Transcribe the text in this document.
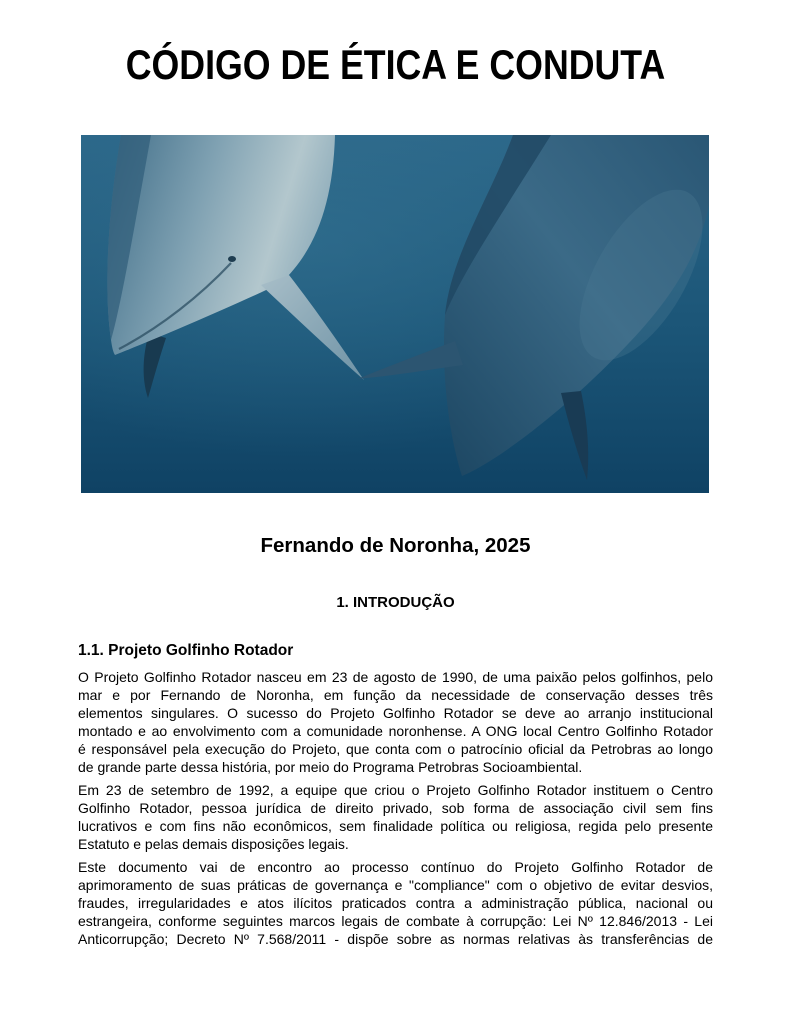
CÓDIGO DE ÉTICA E CONDUTA
Fernando de Noronha, 2025
1. INTRODUÇÃO
1.1. Projeto Golfinho Rotador
O Projeto Golfinho Rotador nasceu em 23 de agosto de 1990, de uma paixão pelos golfinhos, pelo
mar e por Fernando de Noronha, em função da necessidade de conservação desses três
elementos singulares. O sucesso do Projeto Golfinho Rotador se deve ao arranjo institucional
montado e ao envolvimento com a comunidade noronhense. A ONG local Centro Golfinho Rotador
é responsável pela execução do Projeto, que conta com o patrocínio oficial da Petrobras ao longo
de grande parte dessa história, por meio do Programa Petrobras Socioambiental.
Em 23 de setembro de 1992, a equipe que criou o Projeto Golfinho Rotador instituem o Centro
Golfinho Rotador, pessoa jurídica de direito privado, sob forma de associação civil sem fins
lucrativos e com fins não econômicos, sem finalidade política ou religiosa, regida pelo presente
Estatuto e pelas demais disposições legais.
Este documento vai de encontro ao processo contínuo do Projeto Golfinho Rotador de
aprimoramento de suas práticas de governança e "compliance" com o objetivo de evitar desvios,
fraudes, irregularidades e atos ilícitos praticados contra a administração pública, nacional ou
estrangeira, conforme seguintes marcos legais de combate à corrupção: Lei Nº 12.846/2013 - Lei
Anticorrupção; Decreto Nº 7.568/2011 - dispõe sobre as normas relativas às transferências de
